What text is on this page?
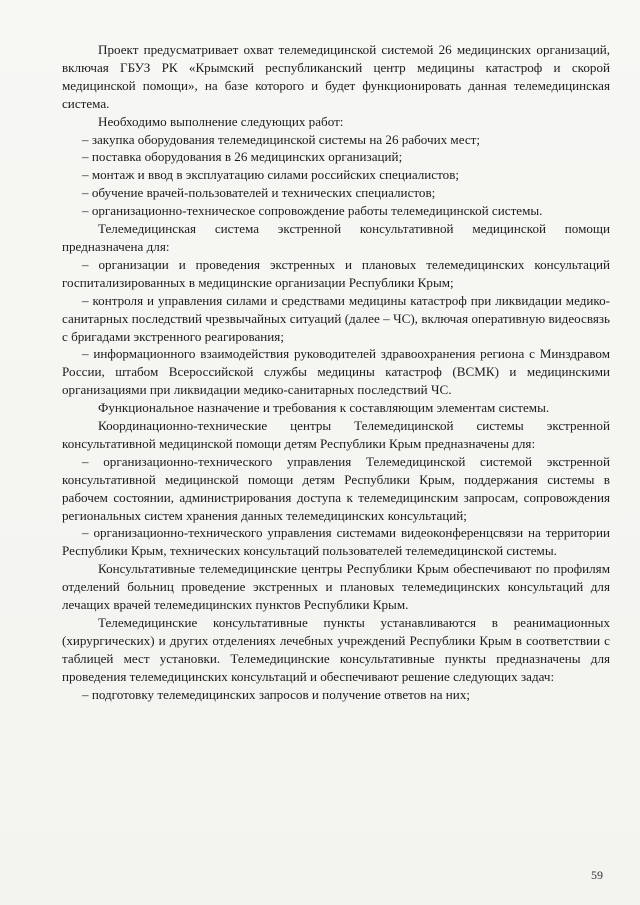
Проект предусматривает охват телемедицинской системой 26 медицинских организаций, включая ГБУЗ РК «Крымский республиканский центр медицины катастроф и скорой медицинской помощи», на базе которого и будет функционировать данная телемедицинская система.

Необходимо выполнение следующих работ:

– закупка оборудования телемедицинской системы на 26 рабочих мест;

– поставка оборудования в 26 медицинских организаций;

– монтаж и ввод в эксплуатацию силами российских специалистов;

– обучение врачей-пользователей и технических специалистов;

– организационно-техническое сопровождение работы телемедицинской системы.

Телемедицинская система экстренной консультативной медицинской помощи предназначена для:

– организации и проведения экстренных и плановых телемедицинских консультаций госпитализированных в медицинские организации Республики Крым;

– контроля и управления силами и средствами медицины катастроф при ликвидации медико-санитарных последствий чрезвычайных ситуаций (далее – ЧС), включая оперативную видеосвязь с бригадами экстренного реагирования;

– информационного взаимодействия руководителей здравоохранения региона с Минздравом России, штабом Всероссийской службы медицины катастроф (ВСМК) и медицинскими организациями при ликвидации медико-санитарных последствий ЧС.

Функциональное назначение и требования к составляющим элементам системы.

Координационно-технические центры Телемедицинской системы экстренной консультативной медицинской помощи детям Республики Крым предназначены для:

– организационно-технического управления Телемедицинской системой экстренной консультативной медицинской помощи детям Республики Крым, поддержания системы в рабочем состоянии, администрирования доступа к телемедицинским запросам, сопровождения региональных систем хранения данных телемедицинских консультаций;

– организационно-технического управления системами видеоконференцсвязи на территории Республики Крым, технических консультаций пользователей телемедицинской системы.

Консультативные телемедицинские центры Республики Крым обеспечивают по профилям отделений больниц проведение экстренных и плановых телемедицинских консультаций для лечащих врачей телемедицинских пунктов Республики Крым.

Телемедицинские консультативные пункты устанавливаются в реанимационных (хирургических) и других отделениях лечебных учреждений Республики Крым в соответствии с таблицей мест установки. Телемедицинские консультативные пункты предназначены для проведения телемедицинских консультаций и обеспечивают решение следующих задач:

– подготовку телемедицинских запросов и получение ответов на них;

59
